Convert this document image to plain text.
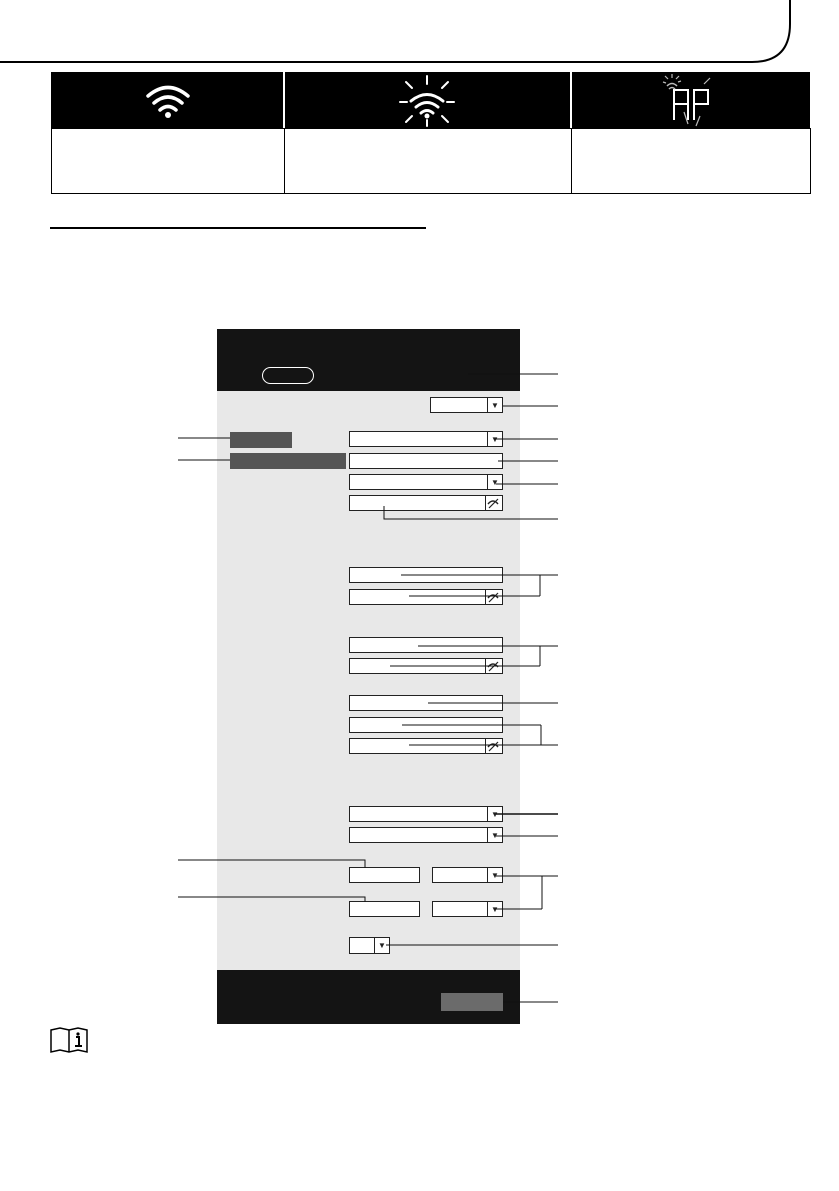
▼
▼
▼
▼
▼
▼
▼
▼
